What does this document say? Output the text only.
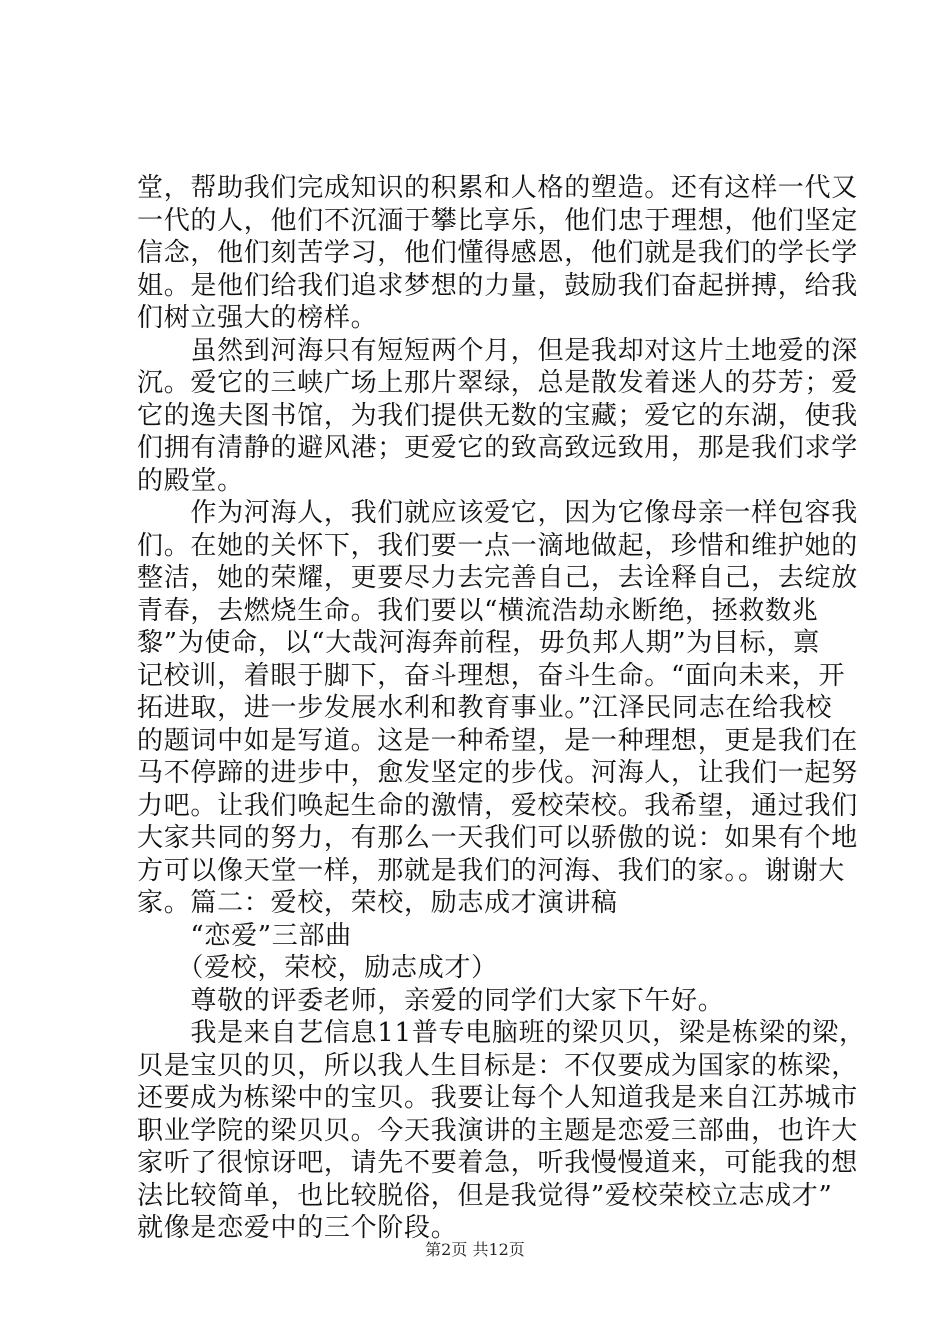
堂，帮助我们完成知识的积累和人格的塑造。还有这样一代又
一代的人，他们不沉湎于攀比享乐，他们忠于理想，他们坚定
信念，他们刻苦学习，他们懂得感恩，他们就是我们的学长学
姐。是他们给我们追求梦想的力量，鼓励我们奋起拼搏，给我
们树立强大的榜样。
　　虽然到河海只有短短两个月，但是我却对这片土地爱的深
沉。爱它的三峡广场上那片翠绿，总是散发着迷人的芬芳；爱
它的逸夫图书馆，为我们提供无数的宝藏；爱它的东湖，使我
们拥有清静的避风港；更爱它的致高致远致用，那是我们求学
的殿堂。
　　作为河海人，我们就应该爱它，因为它像母亲一样包容我
们。在她的关怀下，我们要一点一滴地做起，珍惜和维护她的
整洁，她的荣耀，更要尽力去完善自己，去诠释自己，去绽放
青春，去燃烧生命。我们要以“横流浩劫永断绝，拯救数兆
黎”为使命，以“大哉河海奔前程，毋负邦人期”为目标，禀
记校训，着眼于脚下，奋斗理想，奋斗生命。“面向未来，开
拓进取，进一步发展水利和教育事业。”江泽民同志在给我校
的题词中如是写道。这是一种希望，是一种理想，更是我们在
马不停蹄的进步中，愈发坚定的步伐。河海人，让我们一起努
力吧。让我们唤起生命的激情，爱校荣校。我希望，通过我们
大家共同的努力，有那么一天我们可以骄傲的说：如果有个地
方可以像天堂一样，那就是我们的河海、我们的家。。谢谢大
家。篇二：爱校，荣校，励志成才演讲稿
　　“恋爱”三部曲
　　（爱校，荣校，励志成才）
　　尊敬的评委老师，亲爱的同学们大家下午好。
　　我是来自艺信息11普专电脑班的梁贝贝，梁是栋梁的梁，
贝是宝贝的贝，所以我人生目标是：不仅要成为国家的栋梁，
还要成为栋梁中的宝贝。我要让每个人知道我是来自江苏城市
职业学院的梁贝贝。今天我演讲的主题是恋爱三部曲，也许大
家听了很惊讶吧，请先不要着急，听我慢慢道来，可能我的想
法比较简单，也比较脱俗，但是我觉得”爱校荣校立志成才”
就像是恋爱中的三个阶段。
第2页 共12页
